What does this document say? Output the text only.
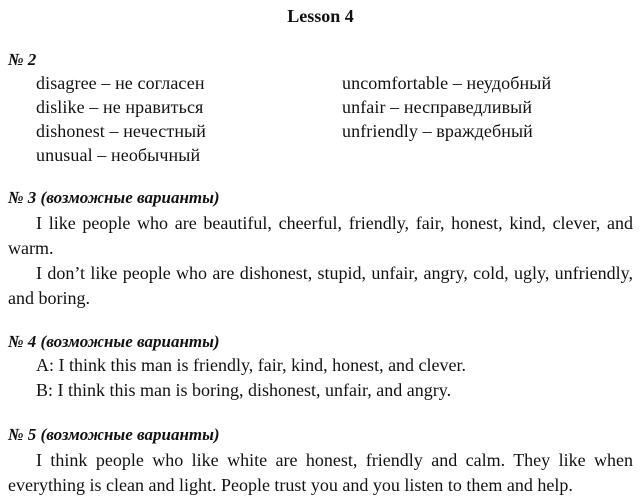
Lesson 4
№ 2
disagree – не согласен
dislike – не нравиться
dishonest – нечестный
unusual – необычный
uncomfortable – неудобный
unfair – несправедливый
unfriendly – враждебный
№ 3 (возможные варианты)
I like people who are beautiful, cheerful, friendly, fair, honest, kind, clever, and warm.
I don’t like people who are dishonest, stupid, unfair, angry, cold, ugly, unfriendly, and boring.
№ 4 (возможные варианты)
A: I think this man is friendly, fair, kind, honest, and clever.
B: I think this man is boring, dishonest, unfair, and angry.
№ 5 (возможные варианты)
I think people who like white are honest, friendly and calm. They like when everything is clean and light. People trust you and you listen to them and help.
